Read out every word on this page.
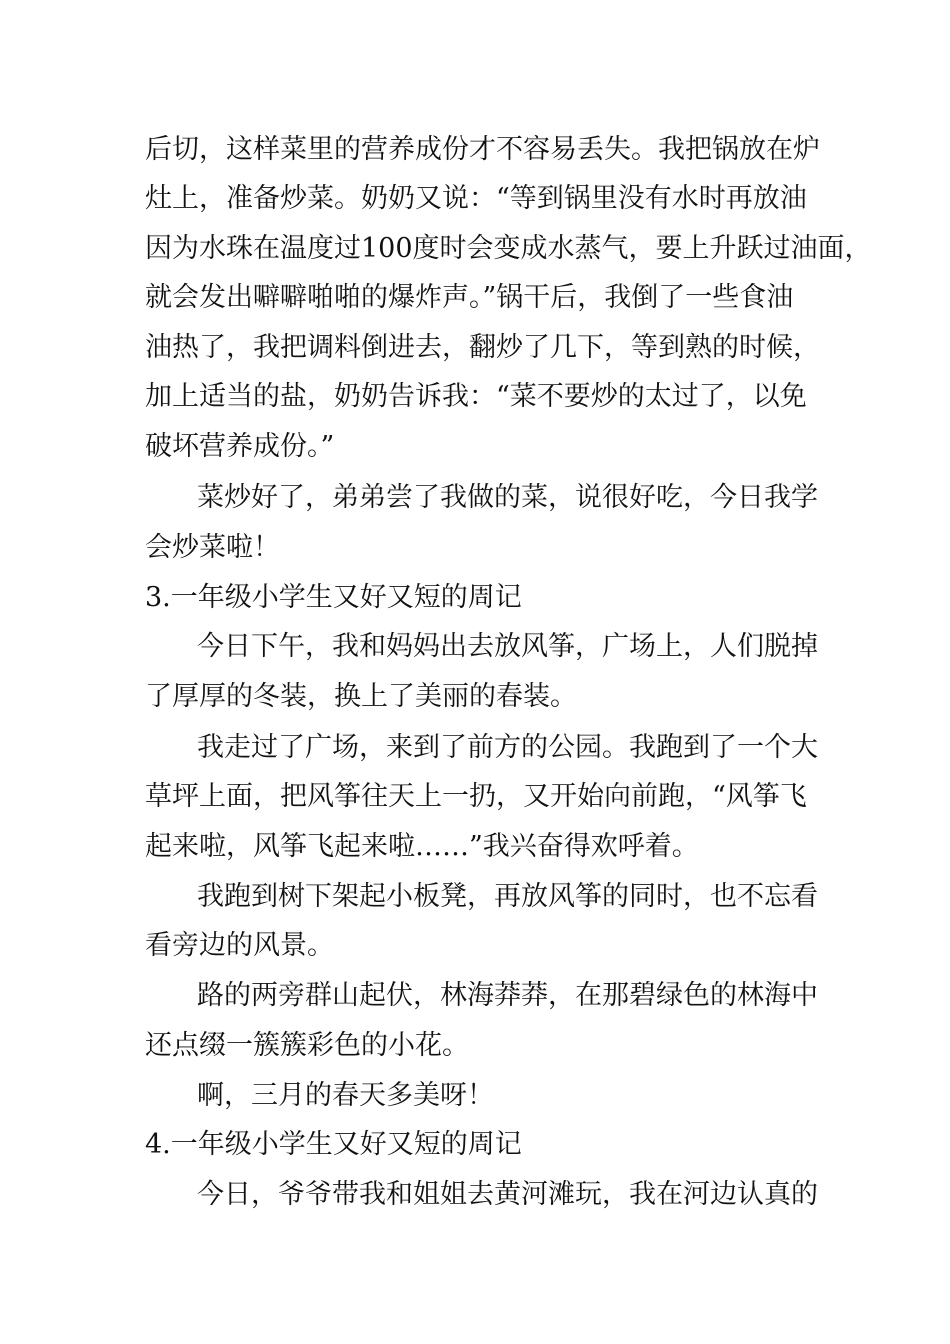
后切，这样菜里的营养成份才不容易丢失。我把锅放在炉
灶上，准备炒菜。奶奶又说：“等到锅里没有水时再放油
因为水珠在温度过100度时会变成水蒸气，要上升跃过油面，
就会发出噼噼啪啪的爆炸声。”锅干后，我倒了一些食油
油热了，我把调料倒进去，翻炒了几下，等到熟的时候，
加上适当的盐，奶奶告诉我：“菜不要炒的太过了，以免
破坏营养成份。”
菜炒好了，弟弟尝了我做的菜，说很好吃，今日我学
会炒菜啦！
3.一年级小学生又好又短的周记
今日下午，我和妈妈出去放风筝，广场上，人们脱掉
了厚厚的冬装，换上了美丽的春装。
我走过了广场，来到了前方的公园。我跑到了一个大
草坪上面，把风筝往天上一扔，又开始向前跑，“风筝飞
起来啦，风筝飞起来啦……”我兴奋得欢呼着。
我跑到树下架起小板凳，再放风筝的同时，也不忘看
看旁边的风景。
路的两旁群山起伏，林海莽莽，在那碧绿色的林海中
还点缀一簇簇彩色的小花。
啊，三月的春天多美呀！
4.一年级小学生又好又短的周记
今日，爷爷带我和姐姐去黄河滩玩，我在河边认真的
